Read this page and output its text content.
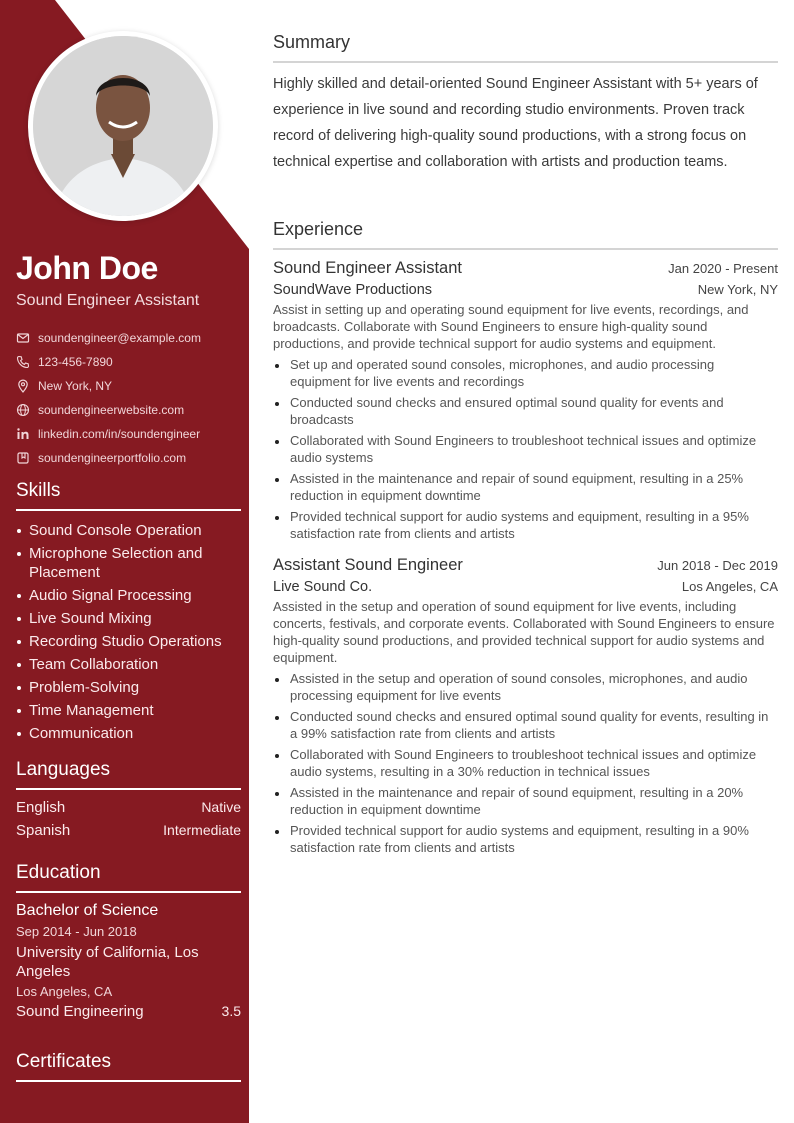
John Doe
Sound Engineer Assistant
soundengineer@example.com
123-456-7890
New York, NY
soundengineerwebsite.com
linkedin.com/in/soundengineer
soundengineerportfolio.com
Skills
Sound Console Operation
Microphone Selection and Placement
Audio Signal Processing
Live Sound Mixing
Recording Studio Operations
Team Collaboration
Problem-Solving
Time Management
Communication
Languages
English	Native
Spanish	Intermediate
Education
Bachelor of Science
Sep 2014 - Jun 2018
University of California, Los Angeles
Los Angeles, CA
Sound Engineering	3.5
Certificates
Summary
Highly skilled and detail-oriented Sound Engineer Assistant with 5+ years of experience in live sound and recording studio environments. Proven track record of delivering high-quality sound productions, with a strong focus on technical expertise and collaboration with artists and production teams.
Experience
Sound Engineer Assistant	Jan 2020 - Present
SoundWave Productions	New York, NY
Assist in setting up and operating sound equipment for live events, recordings, and broadcasts. Collaborate with Sound Engineers to ensure high-quality sound productions, and provide technical support for audio systems and equipment.
Set up and operated sound consoles, microphones, and audio processing equipment for live events and recordings
Conducted sound checks and ensured optimal sound quality for events and broadcasts
Collaborated with Sound Engineers to troubleshoot technical issues and optimize audio systems
Assisted in the maintenance and repair of sound equipment, resulting in a 25% reduction in equipment downtime
Provided technical support for audio systems and equipment, resulting in a 95% satisfaction rate from clients and artists
Assistant Sound Engineer	Jun 2018 - Dec 2019
Live Sound Co.	Los Angeles, CA
Assisted in the setup and operation of sound equipment for live events, including concerts, festivals, and corporate events. Collaborated with Sound Engineers to ensure high-quality sound productions, and provided technical support for audio systems and equipment.
Assisted in the setup and operation of sound consoles, microphones, and audio processing equipment for live events
Conducted sound checks and ensured optimal sound quality for events, resulting in a 99% satisfaction rate from clients and artists
Collaborated with Sound Engineers to troubleshoot technical issues and optimize audio systems, resulting in a 30% reduction in technical issues
Assisted in the maintenance and repair of sound equipment, resulting in a 20% reduction in equipment downtime
Provided technical support for audio systems and equipment, resulting in a 90% satisfaction rate from clients and artists
